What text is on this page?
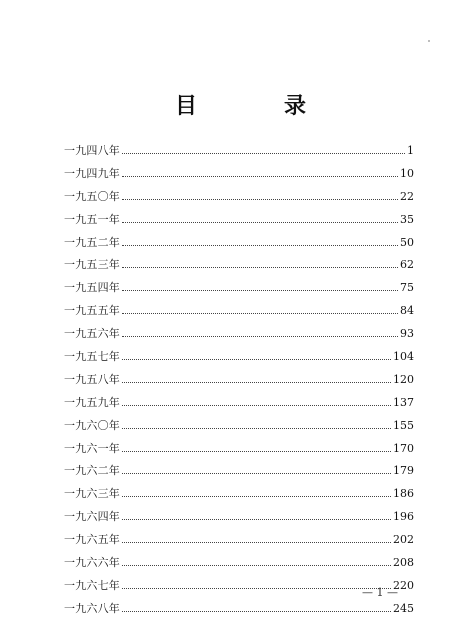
目	录
一九四八年	1
一九四九年	10
一九五〇年	22
一九五一年	35
一九五二年	50
一九五三年	62
一九五四年	75
一九五五年	84
一九五六年	93
一九五七年	104
一九五八年	120
一九五九年	137
一九六〇年	155
一九六一年	170
一九六二年	179
一九六三年	186
一九六四年	196
一九六五年	202
一九六六年	208
一九六七年	220
一九六八年	245
— 1 —
